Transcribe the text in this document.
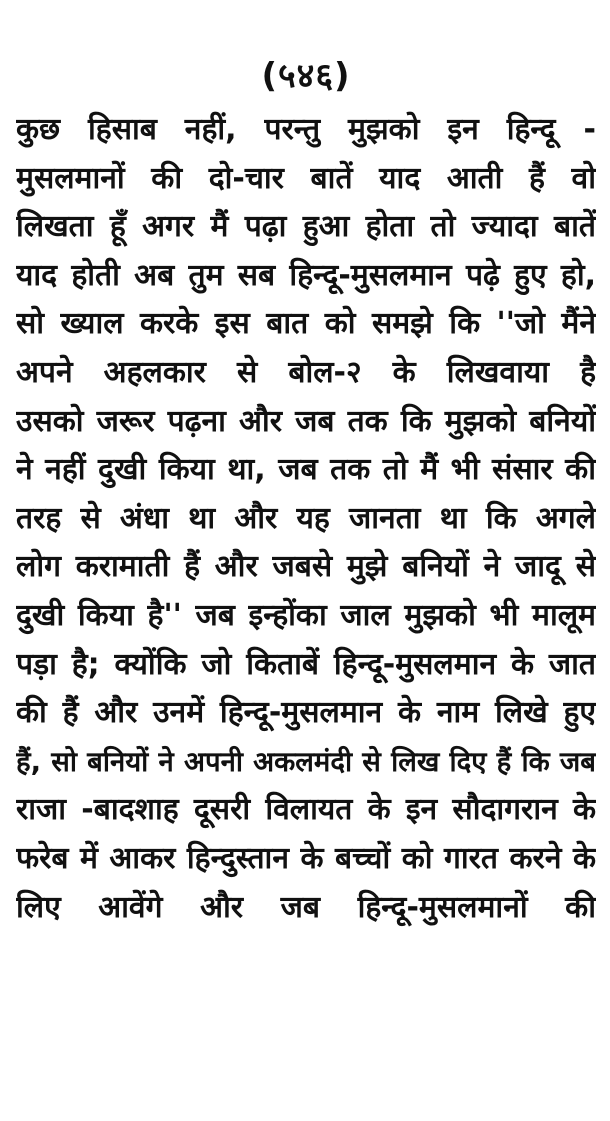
(५४६)
कुछ हिसाब नहीं, परन्तु मुझको इन हिन्दू -
मुसलमानों की दो-चार बातें याद आती हैं वो
लिखता हूँ अगर मैं पढ़ा हुआ होता तो ज्यादा बातें
याद होती अब तुम सब हिन्दू-मुसलमान पढ़े हुए हो,
सो ख्याल करके इस बात को समझे कि ''जो मैंने
अपने अहलकार से बोल-२ के लिखवाया है
उसको जरूर पढ़ना और जब तक कि मुझको बनियों
ने नहीं दुखी किया था, जब तक तो मैं भी संसार की
तरह से अंधा था और यह जानता था कि अगले
लोग करामाती हैं और जबसे मुझे बनियों ने जादू से
दुखी किया है'' जब इन्होंका जाल मुझको भी मालूम
पड़ा है; क्योंकि जो किताबें हिन्दू-मुसलमान के जात
की हैं और उनमें हिन्दू-मुसलमान के नाम लिखे हुए
हैं, सो बनियों ने अपनी अकलमंदी से लिख दिए हैं कि जब
राजा -बादशाह दूसरी विलायत के इन सौदागरान के
फरेब में आकर हिन्दुस्तान के बच्चों को गारत करने के
लिए आवेंगे और जब हिन्दू-मुसलमानों की
